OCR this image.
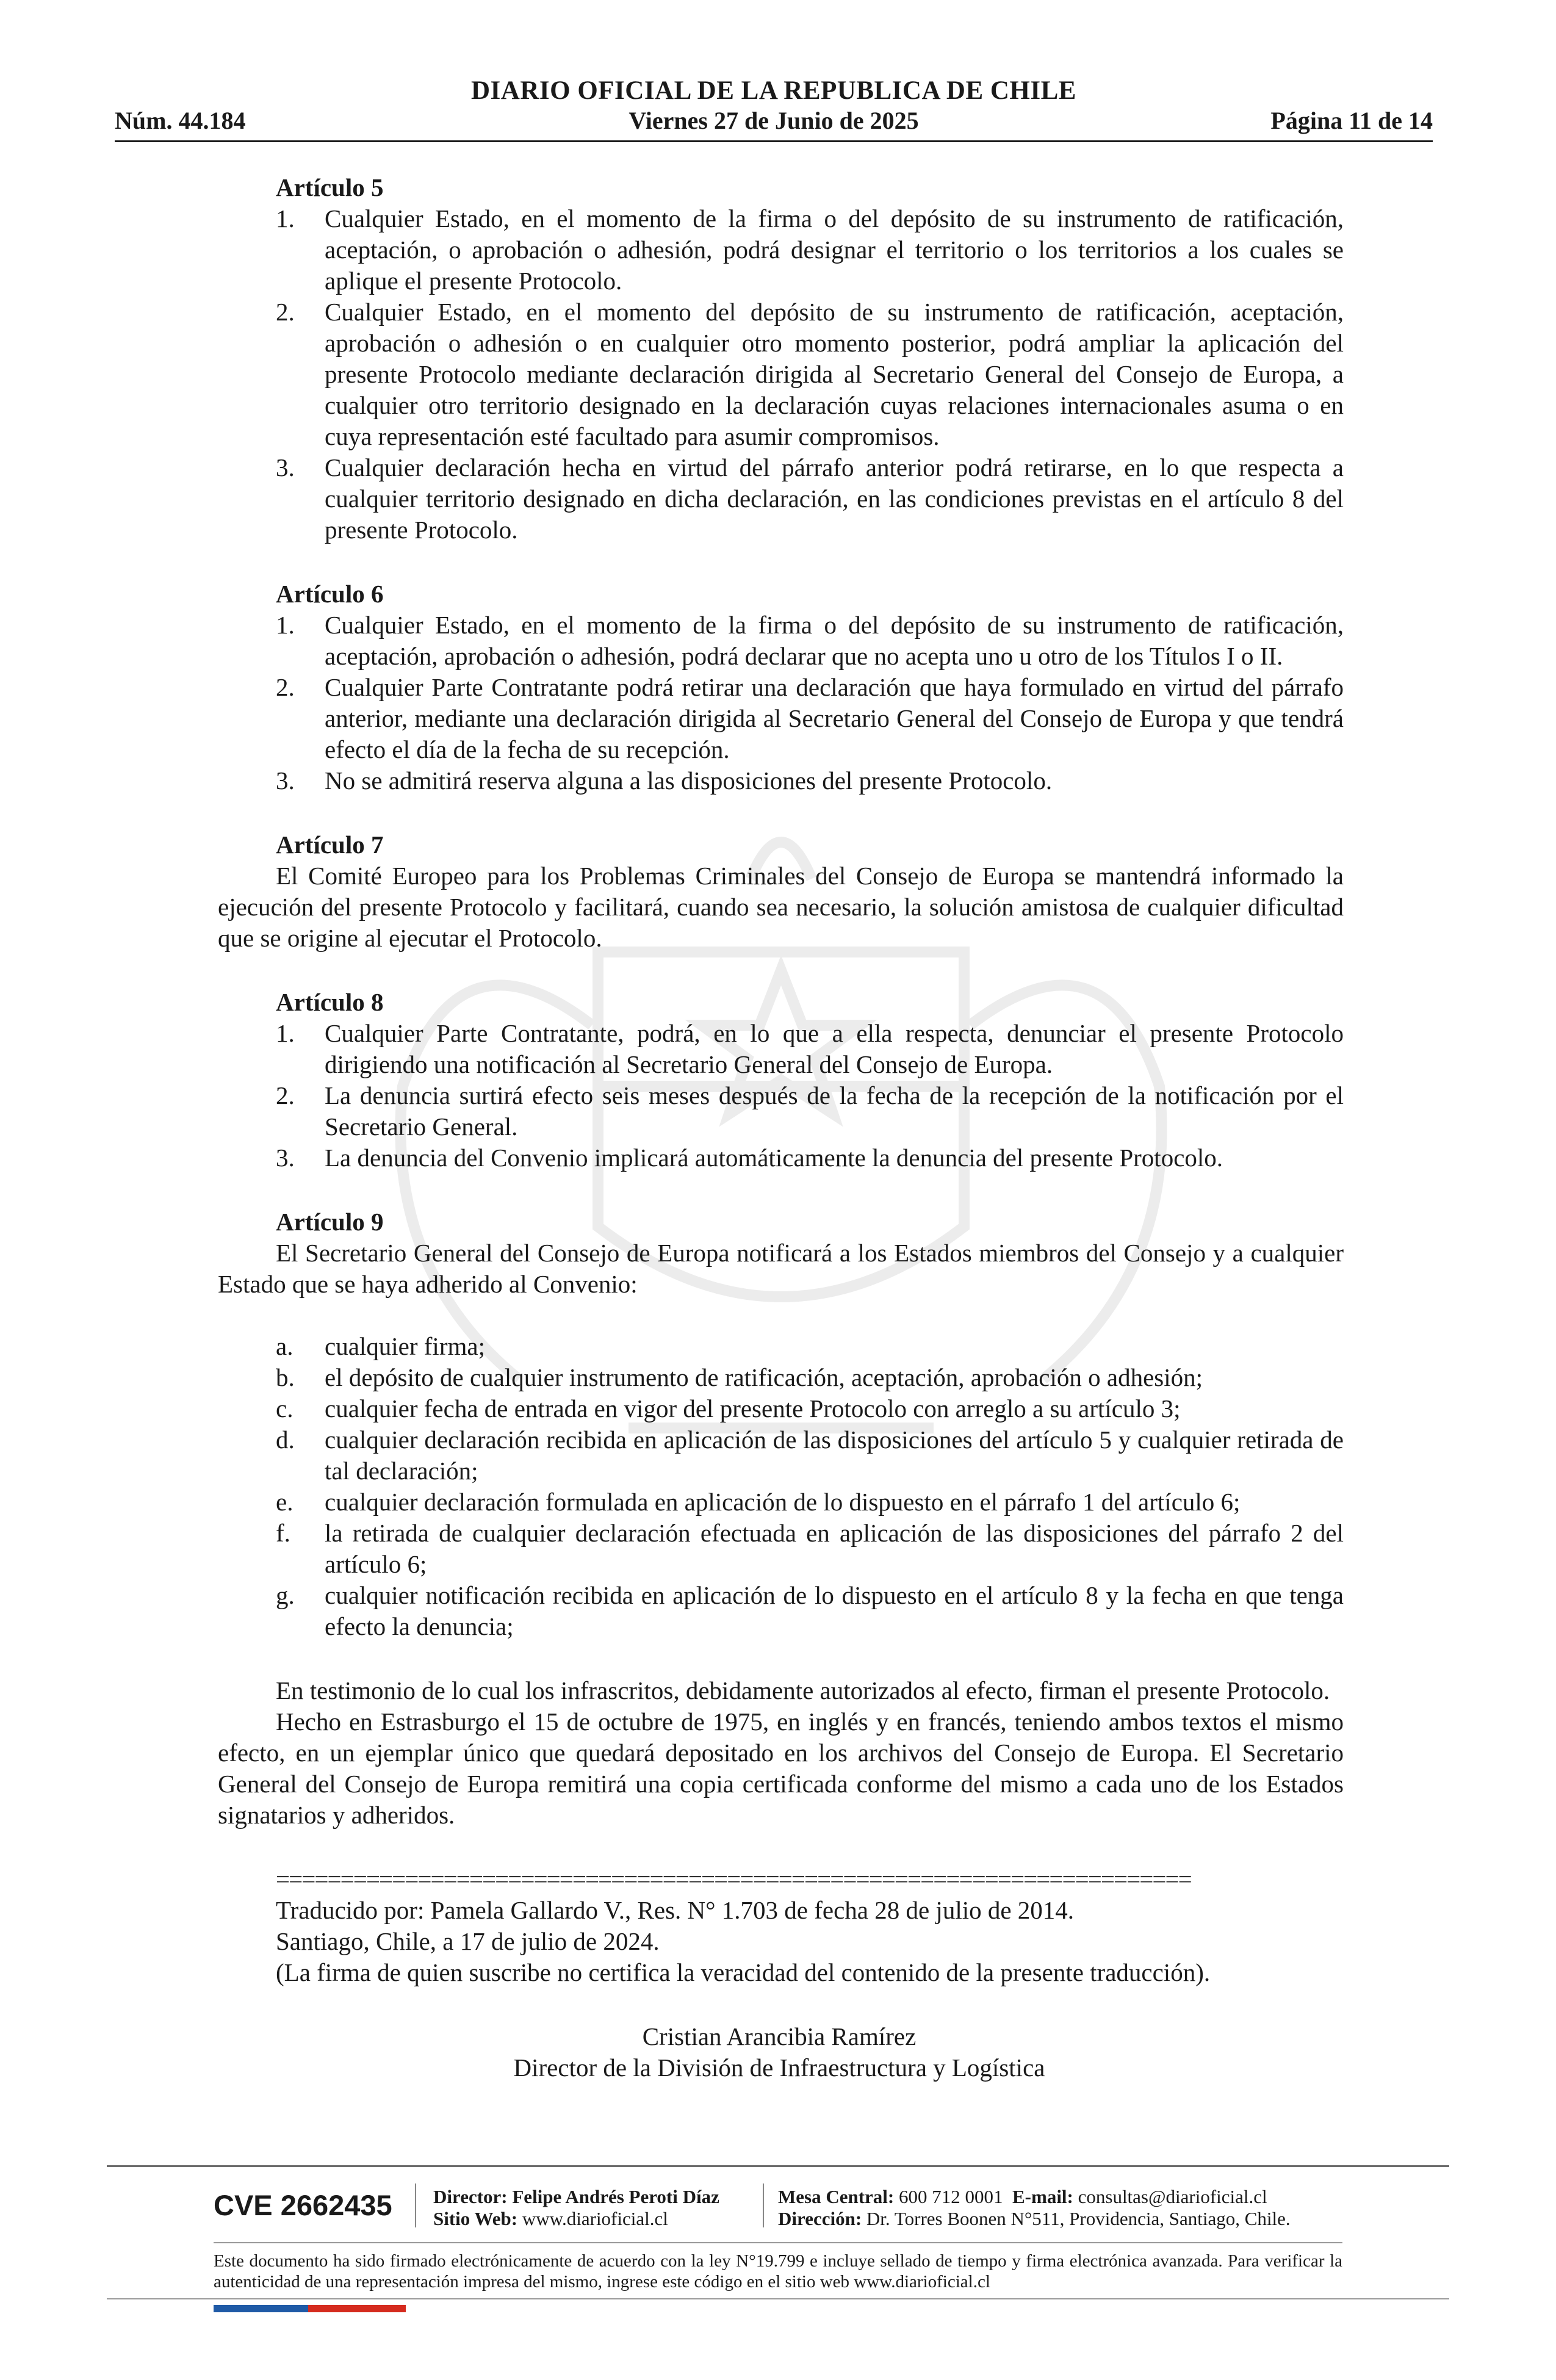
DIARIO OFICIAL DE LA REPUBLICA DE CHILE
Núm. 44.184	Viernes 27 de Junio de 2025	Página 11 de 14
Artículo 5
1. Cualquier Estado, en el momento de la firma o del depósito de su instrumento de ratificación, aceptación, o aprobación o adhesión, podrá designar el territorio o los territorios a los cuales se aplique el presente Protocolo.
2. Cualquier Estado, en el momento del depósito de su instrumento de ratificación, aceptación, aprobación o adhesión o en cualquier otro momento posterior, podrá ampliar la aplicación del presente Protocolo mediante declaración dirigida al Secretario General del Consejo de Europa, a cualquier otro territorio designado en la declaración cuyas relaciones internacionales asuma o en cuya representación esté facultado para asumir compromisos.
3. Cualquier declaración hecha en virtud del párrafo anterior podrá retirarse, en lo que respecta a cualquier territorio designado en dicha declaración, en las condiciones previstas en el artículo 8 del presente Protocolo.
Artículo 6
1. Cualquier Estado, en el momento de la firma o del depósito de su instrumento de ratificación, aceptación, aprobación o adhesión, podrá declarar que no acepta uno u otro de los Títulos I o II.
2. Cualquier Parte Contratante podrá retirar una declaración que haya formulado en virtud del párrafo anterior, mediante una declaración dirigida al Secretario General del Consejo de Europa y que tendrá efecto el día de la fecha de su recepción.
3. No se admitirá reserva alguna a las disposiciones del presente Protocolo.
Artículo 7

El Comité Europeo para los Problemas Criminales del Consejo de Europa se mantendrá informado la ejecución del presente Protocolo y facilitará, cuando sea necesario, la solución amistosa de cualquier dificultad que se origine al ejecutar el Protocolo.

Artículo 8
1. Cualquier Parte Contratante, podrá, en lo que a ella respecta, denunciar el presente Protocolo dirigiendo una notificación al Secretario General del Consejo de Europa.
2. La denuncia surtirá efecto seis meses después de la fecha de la recepción de la notificación por el Secretario General.
3. La denuncia del Convenio implicará automáticamente la denuncia del presente Protocolo.
Artículo 9

El Secretario General del Consejo de Europa notificará a los Estados miembros del Consejo y a cualquier Estado que se haya adherido al Convenio:

a. cualquier firma;
b. el depósito de cualquier instrumento de ratificación, aceptación, aprobación o adhesión;
c. cualquier fecha de entrada en vigor del presente Protocolo con arreglo a su artículo 3;
d. cualquier declaración recibida en aplicación de las disposiciones del artículo 5 y cualquier retirada de tal declaración;
e. cualquier declaración formulada en aplicación de lo dispuesto en el párrafo 1 del artículo 6;
f. la retirada de cualquier declaración efectuada en aplicación de las disposiciones del párrafo 2 del artículo 6;
g. cualquier notificación recibida en aplicación de lo dispuesto en el artículo 8 y la fecha en que tenga efecto la denuncia;

En testimonio de lo cual los infrascritos, debidamente autorizados al efecto, firman el presente Protocolo.

Hecho en Estrasburgo el 15 de octubre de 1975, en inglés y en francés, teniendo ambos textos el mismo efecto, en un ejemplar único que quedará depositado en los archivos del Consejo de Europa. El Secretario General del Consejo de Europa remitirá una copia certificada conforme del mismo a cada uno de los Estados signatarios y adheridos.

=======================================================================
Traducido por: Pamela Gallardo V., Res. N° 1.703 de fecha 28 de julio de 2014.
Santiago, Chile, a 17 de julio de 2024.
(La firma de quien suscribe no certifica la veracidad del contenido de la presente traducción).
Cristian Arancibia Ramírez
Director de la División de Infraestructura y Logística
CVE 2662435 Director: Felipe Andrés Peroti Díaz
Sitio Web: www.diarioficial.cl
Mesa Central: 600 712 0001 E-mail: consultas@diarioficial.cl
Dirección: Dr. Torres Boonen N°511, Providencia, Santiago, Chile.
Este documento ha sido firmado electrónicamente de acuerdo con la ley N°19.799 e incluye sellado de tiempo y firma electrónica avanzada. Para verificar la autenticidad de una representación impresa del mismo, ingrese este código en el sitio web www.diarioficial.cl
